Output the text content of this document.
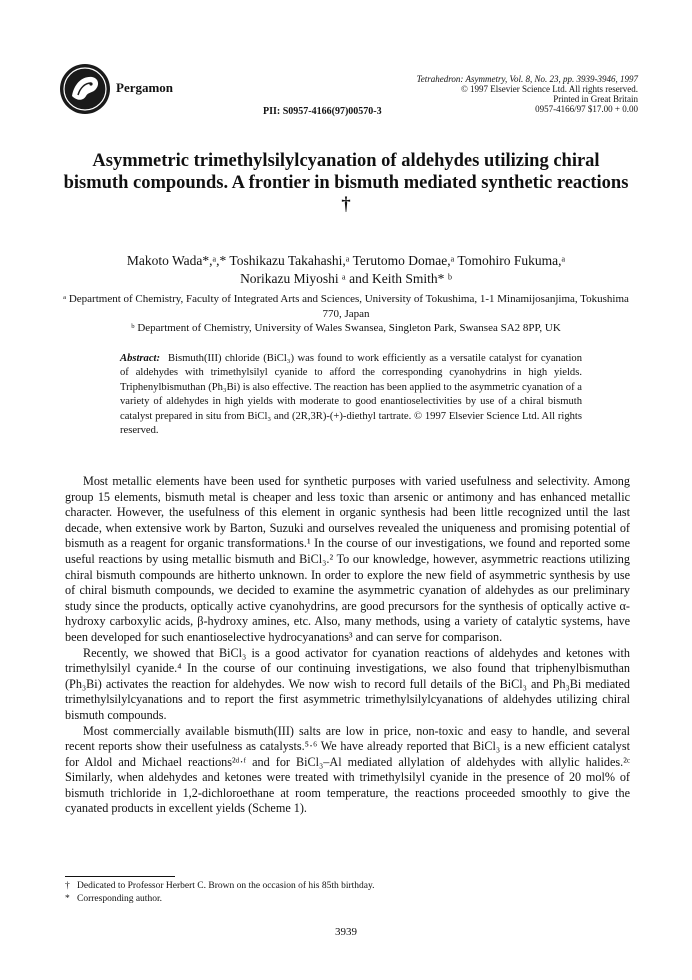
Pergamon
PII: S0957-4166(97)00570-3
Tetrahedron: Asymmetry, Vol. 8, No. 23, pp. 3939-3946, 1997
© 1997 Elsevier Science Ltd. All rights reserved.
Printed in Great Britain
0957-4166/97 $17.00 + 0.00
Asymmetric trimethylsilylcyanation of aldehydes utilizing chiral bismuth compounds. A frontier in bismuth mediated synthetic reactions †
Makoto Wada*,ᵃ,* Toshikazu Takahashi,ᵃ Terutomo Domae,ᵃ Tomohiro Fukuma,ᵃ
Norikazu Miyoshi ᵃ and Keith Smith* ᵇ

ᵃ Department of Chemistry, Faculty of Integrated Arts and Sciences, University of Tokushima, 1-1 Minamijosanjima, Tokushima 770, Japan

ᵇ Department of Chemistry, University of Wales Swansea, Singleton Park, Swansea SA2 8PP, UK

Abstract: Bismuth(III) chloride (BiCl₃) was found to work efficiently as a versatile catalyst for cyanation of aldehydes with trimethylsilyl cyanide to afford the corresponding cyanohydrins in high yields. Triphenylbismuthan (Ph₃Bi) is also effective. The reaction has been applied to the asymmetric cyanation of a variety of aldehydes in high yields with moderate to good enantioselectivities by use of a chiral bismuth catalyst prepared in situ from BiCl₃ and (2R,3R)-(+)-diethyl tartrate. © 1997 Elsevier Science Ltd. All rights reserved.

Most metallic elements have been used for synthetic purposes with varied usefulness and selectivity. Among group 15 elements, bismuth metal is cheaper and less toxic than arsenic or antimony and has enhanced metallic character. However, the usefulness of this element in organic synthesis had been little recognized until the last decade, when extensive work by Barton, Suzuki and ourselves revealed the uniqueness and promising potential of bismuth as a reagent for organic transformations.¹ In the course of our investigations, we found and reported some useful reactions by using metallic bismuth and BiCl₃.² To our knowledge, however, asymmetric reactions utilizing chiral bismuth compounds are hitherto unknown. In order to explore the new field of asymmetric synthesis by use of chiral bismuth compounds, we decided to examine the asymmetric cyanation of aldehydes as our preliminary study since the products, optically active cyanohydrins, are good precursors for the synthesis of optically active α-hydroxy carboxylic acids, β-hydroxy amines, etc. Also, many methods, using a variety of catalytic systems, have been developed for such enantioselective hydrocyanations³ and can serve for comparison.

Recently, we showed that BiCl₃ is a good activator for cyanation reactions of aldehydes and ketones with trimethylsilyl cyanide.⁴ In the course of our continuing investigations, we also found that triphenylbismuthan (Ph₃Bi) activates the reaction for aldehydes. We now wish to record full details of the BiCl₃ and Ph₃Bi mediated trimethylsilylcyanations and to report the first asymmetric trimethylsilylcyanations of aldehydes utilizing chiral bismuth compounds.

Most commercially available bismuth(III) salts are low in price, non-toxic and easy to handle, and several recent reports show their usefulness as catalysts.⁵·⁶ We have already reported that BiCl₃ is a new efficient catalyst for Aldol and Michael reactions²ᵈ·ᶠ and for BiCl₃–Al mediated allylation of aldehydes with allylic halides.²ᶜ Similarly, when aldehydes and ketones were treated with trimethylsilyl cyanide in the presence of 20 mol% of bismuth trichloride in 1,2-dichloroethane at room temperature, the reactions proceeded smoothly to give the cyanated products in excellent yields (Scheme 1).

† Dedicated to Professor Herbert C. Brown on the occasion of his 85th birthday.
* Corresponding author.
3939
